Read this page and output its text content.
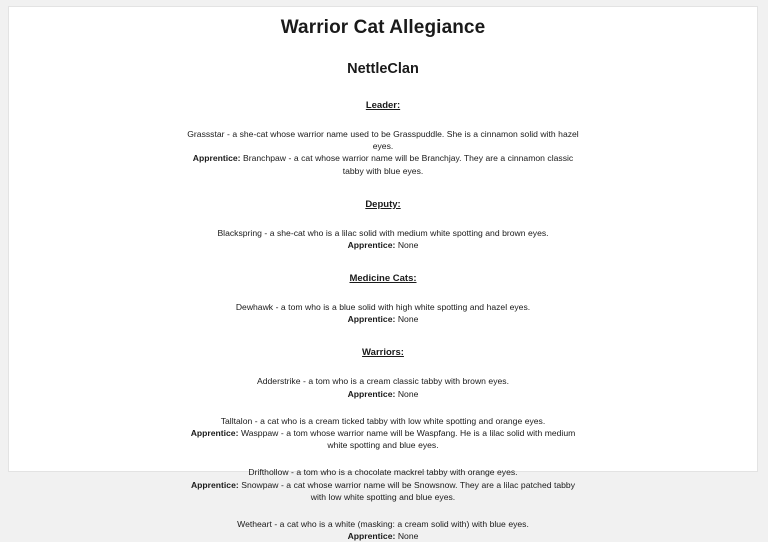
Warrior Cat Allegiance
NettleClan
Leader:
Grassstar - a she-cat whose warrior name used to be Grasspuddle. She is a cinnamon solid with hazel eyes.
Apprentice: Branchpaw - a cat whose warrior name will be Branchjay. They are a cinnamon classic tabby with blue eyes.
Deputy:
Blackspring - a she-cat who is a lilac solid with medium white spotting and brown eyes.
Apprentice: None
Medicine Cats:
Dewhawk - a tom who is a blue solid with high white spotting and hazel eyes.
Apprentice: None
Warriors:
Adderstrike - a tom who is a cream classic tabby with brown eyes.
Apprentice: None
Talltalon - a cat who is a cream ticked tabby with low white spotting and orange eyes.
Apprentice: Wasppaw - a tom whose warrior name will be Waspfang. He is a lilac solid with medium white spotting and blue eyes.
Drifthollow - a tom who is a chocolate mackrel tabby with orange eyes.
Apprentice: Snowpaw - a cat whose warrior name will be Snowsnow. They are a lilac patched tabby with low white spotting and blue eyes.
Wetheart - a cat who is a white (masking: a cream solid with) with blue eyes.
Apprentice: None
